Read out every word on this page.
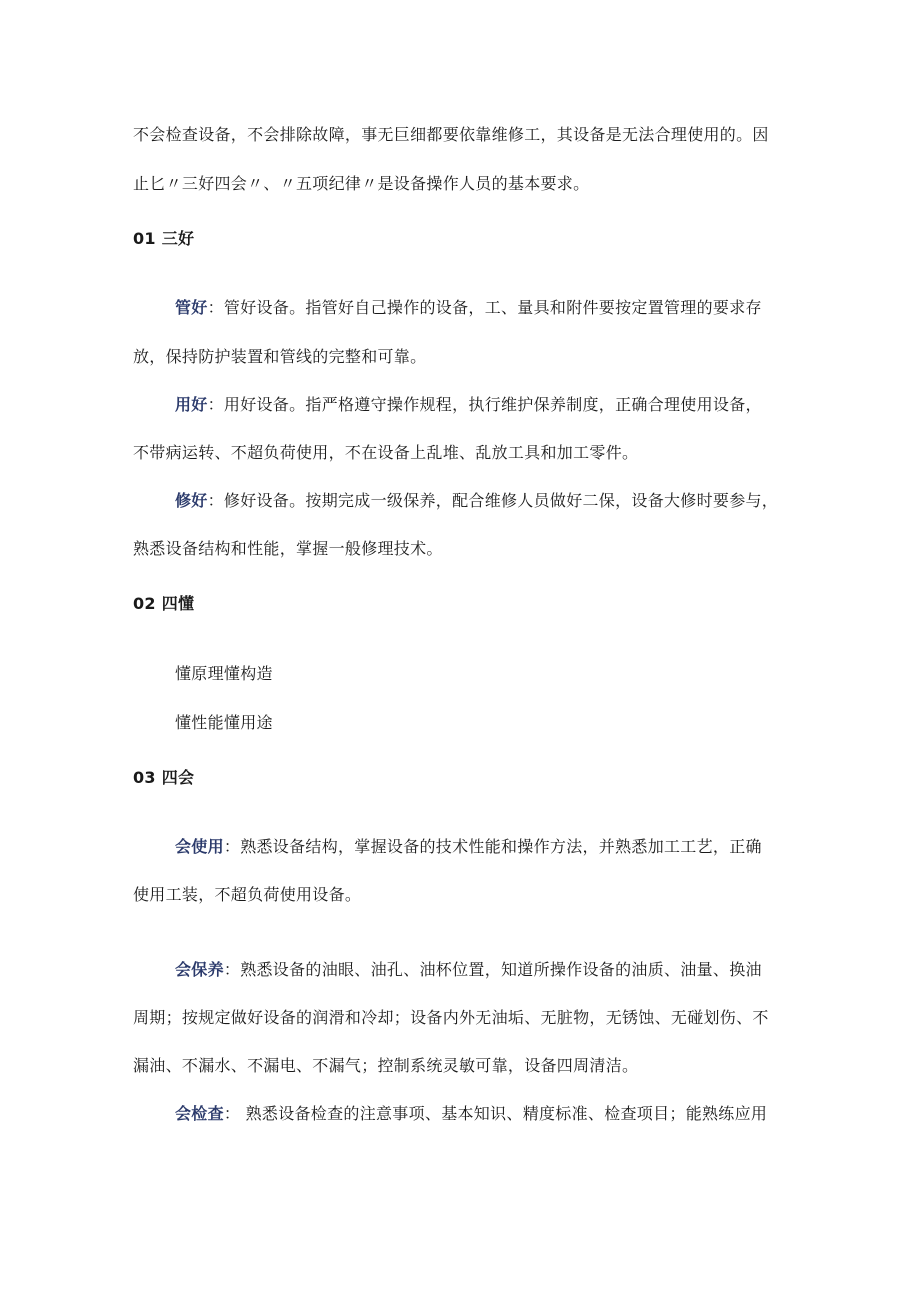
不会检查设备，不会排除故障，事无巨细都要依靠维修工，其设备是无法合理使用的。因
止匕〃三好四会〃、〃五项纪律〃是设备操作人员的基本要求。
01 三好
管好：管好设备。指管好自己操作的设备，工、量具和附件要按定置管理的要求存
放，保持防护装置和管线的完整和可靠。
用好：用好设备。指严格遵守操作规程，执行维护保养制度，正确合理使用设备，
不带病运转、不超负荷使用，不在设备上乱堆、乱放工具和加工零件。
修好：修好设备。按期完成一级保养，配合维修人员做好二保，设备大修时要参与，
熟悉设备结构和性能，掌握一般修理技术。
02 四懂
懂原理懂构造
懂性能懂用途
03 四会
会使用：熟悉设备结构，掌握设备的技术性能和操作方法，并熟悉加工工艺，正确
使用工装，不超负荷使用设备。
会保养：熟悉设备的油眼、油孔、油杯位置，知道所操作设备的油质、油量、换油
周期；按规定做好设备的润滑和冷却；设备内外无油垢、无脏物，无锈蚀、无碰划伤、不
漏油、不漏水、不漏电、不漏气；控制系统灵敏可靠，设备四周清洁。
会检查： 熟悉设备检查的注意事项、基本知识、精度标准、检查项目；能熟练应用
